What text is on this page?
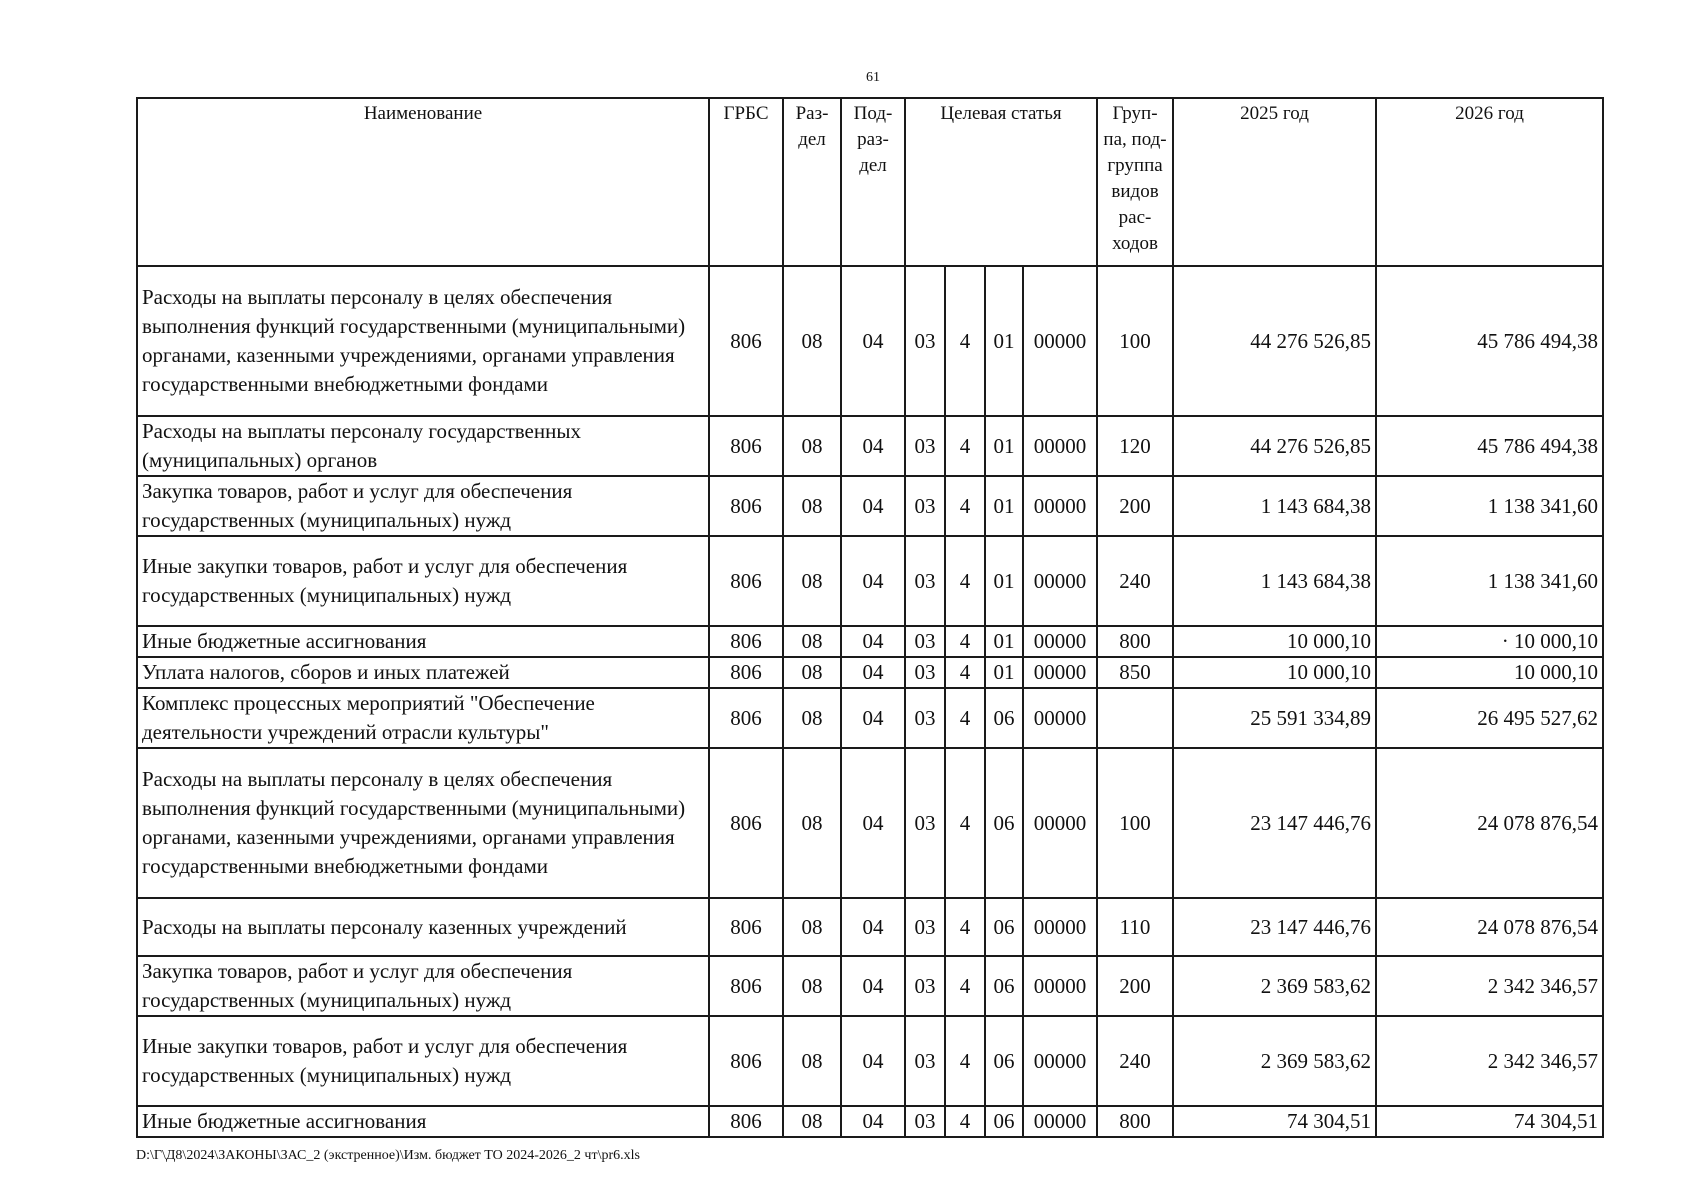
61
Наименование	ГРБС	Раз- дел	Под- раз- дел	Целевая статья				Груп- па, под- группа видов рас- ходов	2025 год	2026 год
Расходы на выплаты персоналу в целях обеспечения выполнения функций государственными (муниципальными) органами, казенными учреждениями, органами управления государственными внебюджетными фондами	806	08	04	03	4	01	00000	100	44 276 526,85	45 786 494,38
Расходы на выплаты персоналу государственных (муниципальных) органов	806	08	04	03	4	01	00000	120	44 276 526,85	45 786 494,38
Закупка товаров, работ и услуг для обеспечения государственных (муниципальных) нужд	806	08	04	03	4	01	00000	200	1 143 684,38	1 138 341,60
Иные закупки товаров, работ и услуг для обеспечения государственных (муниципальных) нужд	806	08	04	03	4	01	00000	240	1 143 684,38	1 138 341,60
Иные бюджетные ассигнования	806	08	04	03	4	01	00000	800	10 000,10	· 10 000,10
Уплата налогов, сборов и иных платежей	806	08	04	03	4	01	00000	850	10 000,10	10 000,10
Комплекс процессных мероприятий "Обеспечение деятельности учреждений отрасли культуры"	806	08	04	03	4	06	00000		25 591 334,89	26 495 527,62
Расходы на выплаты персоналу в целях обеспечения выполнения функций государственными (муниципальными) органами, казенными учреждениями, органами управления государственными внебюджетными фондами	806	08	04	03	4	06	00000	100	23 147 446,76	24 078 876,54
Расходы на выплаты персоналу казенных учреждений	806	08	04	03	4	06	00000	110	23 147 446,76	24 078 876,54
Закупка товаров, работ и услуг для обеспечения государственных (муниципальных) нужд	806	08	04	03	4	06	00000	200	2 369 583,62	2 342 346,57
Иные закупки товаров, работ и услуг для обеспечения государственных (муниципальных) нужд	806	08	04	03	4	06	00000	240	2 369 583,62	2 342 346,57
Иные бюджетные ассигнования	806	08	04	03	4	06	00000	800	74 304,51	74 304,51
D:\Г\Д8\2024\ЗАКОНЫ\ЗАС_2 (экстренное)\Изм. бюджет ТО 2024-2026_2 чт\pr6.xls
